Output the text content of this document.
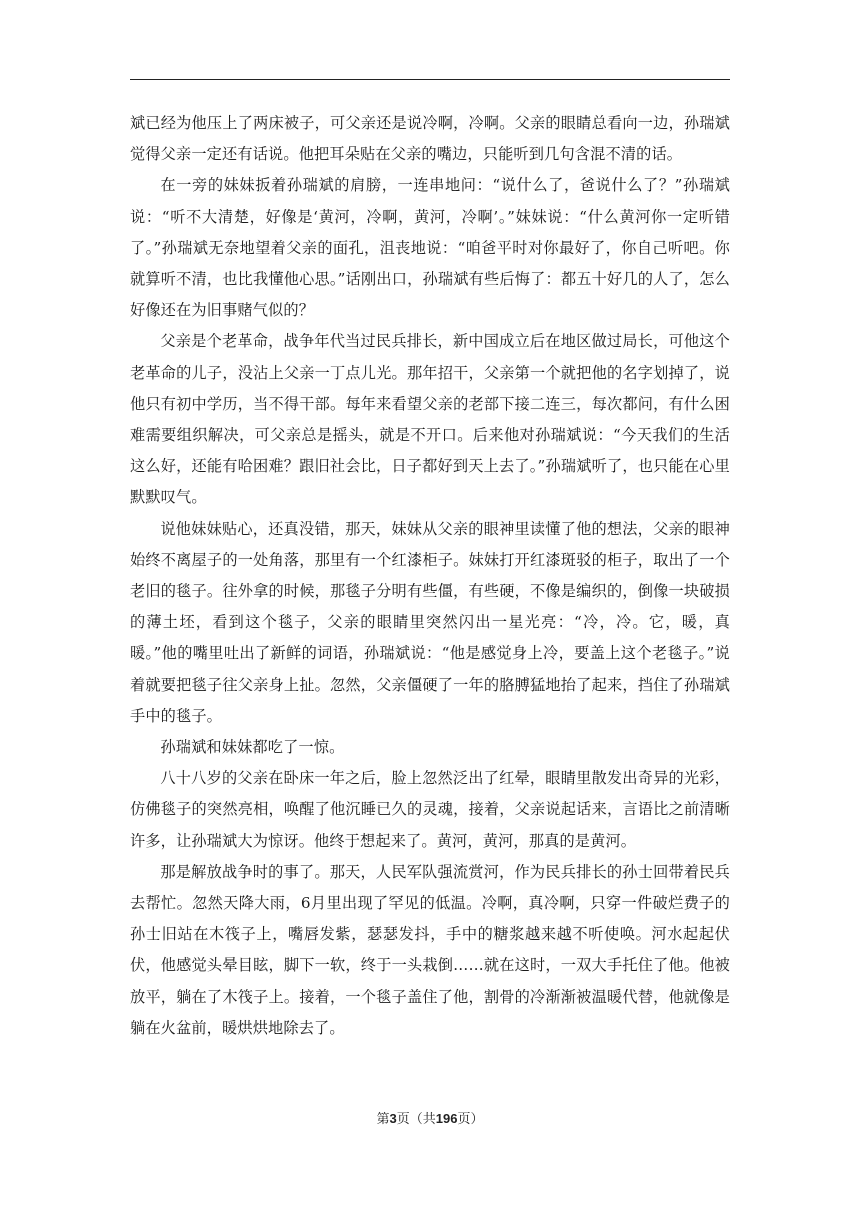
斌已经为他压上了两床被子，可父亲还是说冷啊，冷啊。父亲的眼睛总看向一边，孙瑞斌觉得父亲一定还有话说。他把耳朵贴在父亲的嘴边，只能听到几句含混不清的话。

在一旁的妹妹扳着孙瑞斌的肩膀，一连串地问：“说什么了，爸说什么了？”孙瑞斌说：“听不大清楚，好像是‘黄河，冷啊，黄河，冷啊’。”妹妹说：“什么黄河你一定听错了。”孙瑞斌无奈地望着父亲的面孔，沮丧地说：“咱爸平时对你最好了，你自己听吧。你就算听不清，也比我懂他心思。”话刚出口，孙瑞斌有些后悔了：都五十好几的人了，怎么好像还在为旧事赌气似的？

父亲是个老革命，战争年代当过民兵排长，新中国成立后在地区做过局长，可他这个老革命的儿子，没沾上父亲一丁点儿光。那年招干，父亲第一个就把他的名字划掉了，说他只有初中学历，当不得干部。每年来看望父亲的老部下接二连三，每次都问，有什么困难需要组织解决，可父亲总是摇头，就是不开口。后来他对孙瑞斌说：“今天我们的生活这么好，还能有哈困难？跟旧社会比，日子都好到天上去了。”孙瑞斌听了，也只能在心里默默叹气。

说他妹妹贴心，还真没错，那天，妹妹从父亲的眼神里读懂了他的想法，父亲的眼神始终不离屋子的一处角落，那里有一个红漆柜子。妹妹打开红漆斑驳的柜子，取出了一个老旧的毯子。往外拿的时候，那毯子分明有些僵，有些硬，不像是编织的，倒像一块破损的薄土坯，看到这个毯子，父亲的眼睛里突然闪出一星光亮：“冷，冷。它，暖，真暖。”他的嘴里吐出了新鲜的词语，孙瑞斌说：“他是感觉身上冷，要盖上这个老毯子。”说着就要把毯子往父亲身上扯。忽然，父亲僵硬了一年的胳膊猛地抬了起来，挡住了孙瑞斌手中的毯子。

孙瑞斌和妹妹都吃了一惊。

八十八岁的父亲在卧床一年之后，脸上忽然泛出了红晕，眼睛里散发出奇异的光彩，仿佛毯子的突然亮相，唤醒了他沉睡已久的灵魂，接着，父亲说起话来，言语比之前清晰许多，让孙瑞斌大为惊讶。他终于想起来了。黄河，黄河，那真的是黄河。

那是解放战争时的事了。那天，人民军队强流赏河，作为民兵排长的孙士回带着民兵去帮忙。忽然天降大雨，6月里出现了罕见的低温。冷啊，真冷啊，只穿一件破烂费子的孙士旧站在木筏子上，嘴唇发紫，瑟瑟发抖，手中的糖浆越来越不听使唤。河水起起伏伏，他感觉头晕目眩，脚下一软，终于一头栽倒……就在这时，一双大手托住了他。他被放平，躺在了木筏子上。接着，一个毯子盖住了他，割骨的冷渐渐被温暖代替，他就像是躺在火盆前，暖烘烘地除去了。

第3页（共196页）
